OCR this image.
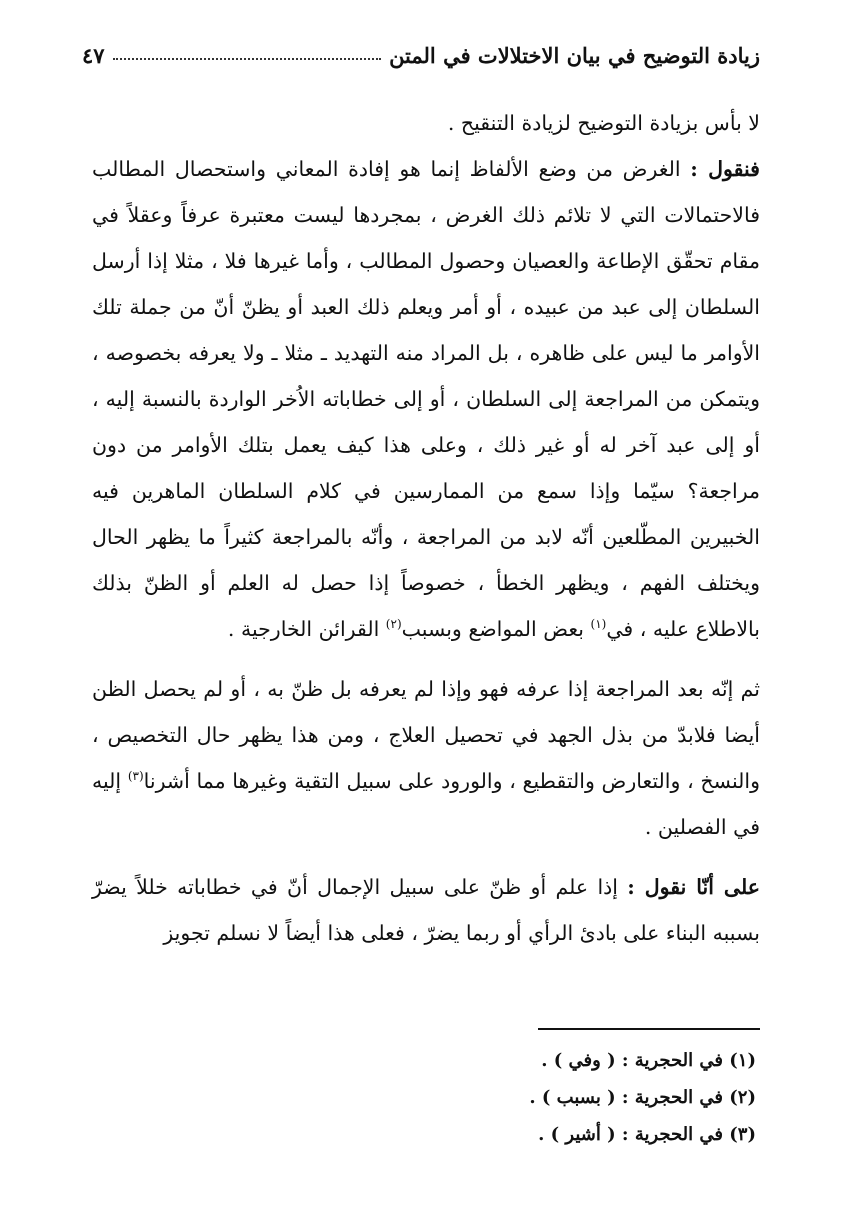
زيادة التوضيح في بيان الاختلالات في المتن
٤٧

لا بأس بزيادة التوضيح لزيادة التنقيح .

فنقول : الغرض من وضع الألفاظ إنما هو إفادة المعاني واستحصال المطالب فالاحتمالات التي لا تلائم ذلك الغرض ، بمجردها ليست معتبرة عرفاً وعقلاً في مقام تحقّق الإطاعة والعصيان وحصول المطالب ، وأما غيرها فلا ، مثلا إذا أرسل السلطان إلى عبد من عبيده ، أو أمر ويعلم ذلك العبد أو يظنّ أنّ من جملة تلك الأوامر ما ليس على ظاهره ، بل المراد منه التهديد ـ مثلا ـ ولا يعرفه بخصوصه ، ويتمكن من المراجعة إلى السلطان ، أو إلى خطاباته الاُخر الواردة بالنسبة إليه ، أو إلى عبد آخر له أو غير ذلك ، وعلى هذا كيف يعمل بتلك الأوامر من دون مراجعة؟ سيّما وإذا سمع من الممارسين في كلام السلطان الماهرين فيه الخبيرين المطّلعين أنّه لابد من المراجعة ، وأنّه بالمراجعة كثيراً ما يظهر الحال ويختلف الفهم ، ويظهر الخطأ ، خصوصاً إذا حصل له العلم أو الظنّ بذلك بالاطلاع عليه ، في$^{(١)}$ بعض المواضع وبسبب$^{(٢)}$ القرائن الخارجية .

ثم إنّه بعد المراجعة إذا عرفه فهو وإذا لم يعرفه بل ظنّ به ، أو لم يحصل الظن أيضا فلابدّ من بذل الجهد في تحصيل العلاج ، ومن هذا يظهر حال التخصيص ، والنسخ ، والتعارض والتقطيع ، والورود على سبيل التقية وغيرها مما أشرنا$^{(٣)}$ إليه في الفصلين .

على أنّا نقول : إذا علم أو ظنّ على سبيل الإجمال أنّ في خطاباته خللاً يضرّ بسببه البناء على بادئ الرأي أو ربما يضرّ ، فعلى هذا أيضاً لا نسلم تجويز

(١) في الحجرية : ( وفي ) .
(٢) في الحجرية : ( بسبب ) .
(٣) في الحجرية : ( أشير ) .
